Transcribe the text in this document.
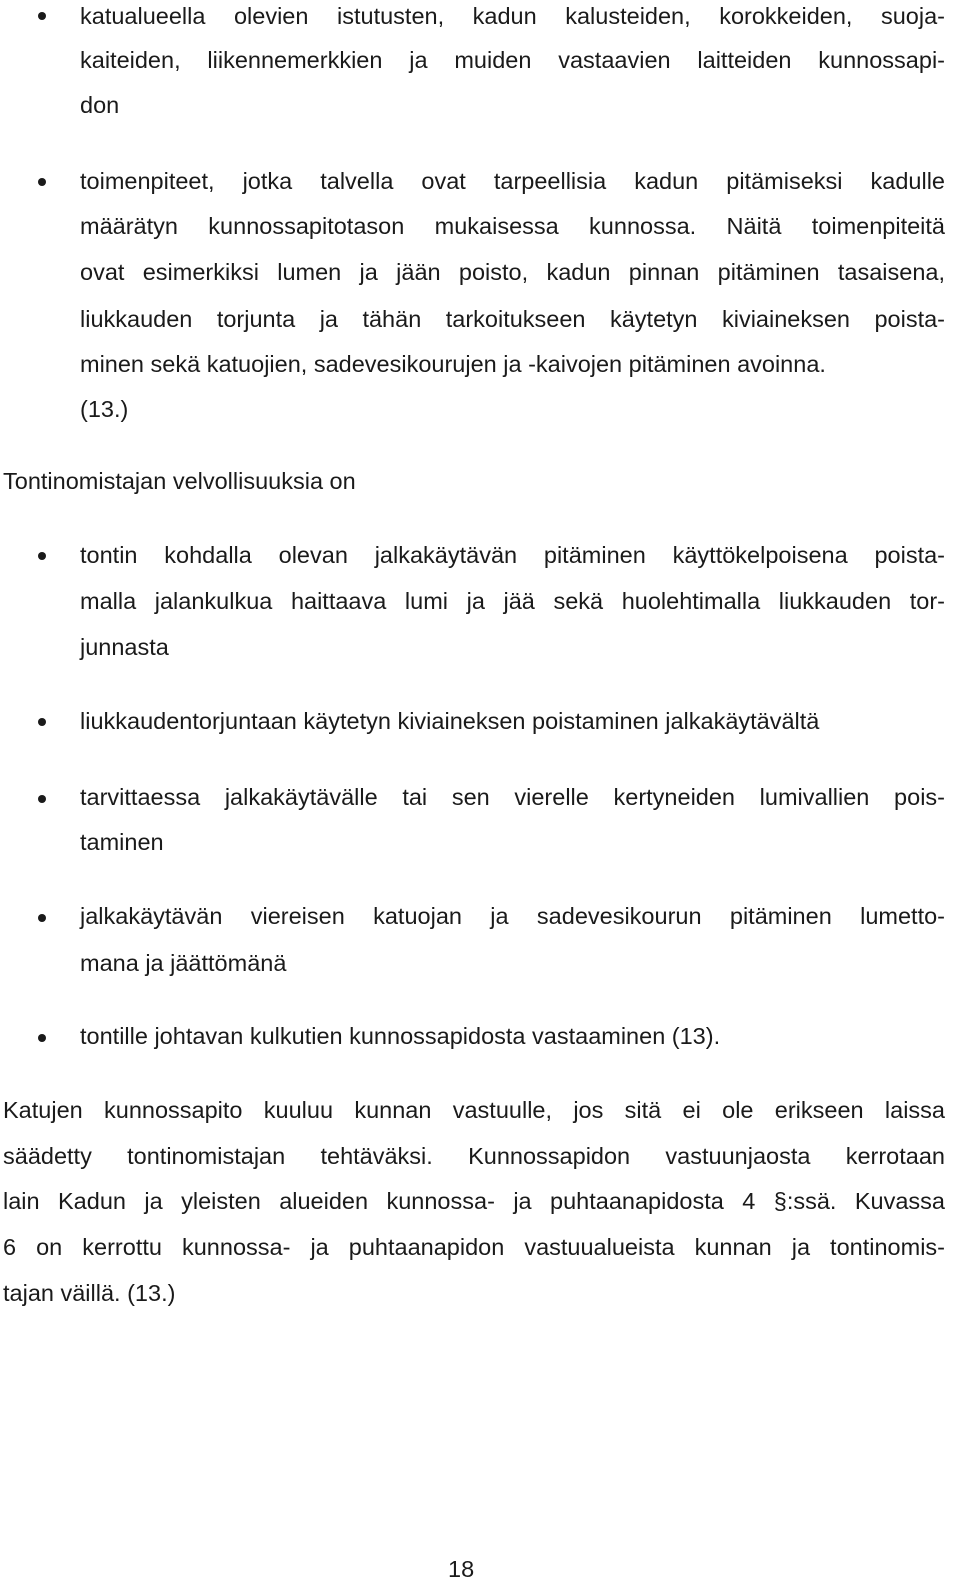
katualueella olevien istutusten, kadun kalusteiden, korokkeiden, suoja-
kaiteiden, liikennemerkkien ja muiden vastaavien laitteiden kunnossapi-
don
toimenpiteet, jotka talvella ovat tarpeellisia kadun pitämiseksi kadulle
määrätyn kunnossapitotason mukaisessa kunnossa. Näitä toimenpiteitä
ovat esimerkiksi lumen ja jään poisto, kadun pinnan pitäminen tasaisena,
liukkauden torjunta ja tähän tarkoitukseen käytetyn kiviaineksen poista-
minen sekä katuojien, sadevesikourujen ja -kaivojen pitäminen avoinna.
(13.)
Tontinomistajan velvollisuuksia on
tontin kohdalla olevan jalkakäytävän pitäminen käyttökelpoisena poista-
malla jalankulkua haittaava lumi ja jää sekä huolehtimalla liukkauden tor-
junnasta
liukkaudentorjuntaan käytetyn kiviaineksen poistaminen jalkakäytävältä
tarvittaessa jalkakäytävälle tai sen vierelle kertyneiden lumivallien pois-
taminen
jalkakäytävän viereisen katuojan ja sadevesikourun pitäminen lumetto-
mana ja jäättömänä
tontille johtavan kulkutien kunnossapidosta vastaaminen (13).
Katujen kunnossapito kuuluu kunnan vastuulle, jos sitä ei ole erikseen laissa
säädetty tontinomistajan tehtäväksi. Kunnossapidon vastuunjaosta kerrotaan
lain Kadun ja yleisten alueiden kunnossa- ja puhtaanapidosta 4 §:ssä. Kuvassa
6 on kerrottu kunnossa- ja puhtaanapidon vastuualueista kunnan ja tontinomis-
tajan väillä. (13.)
18
